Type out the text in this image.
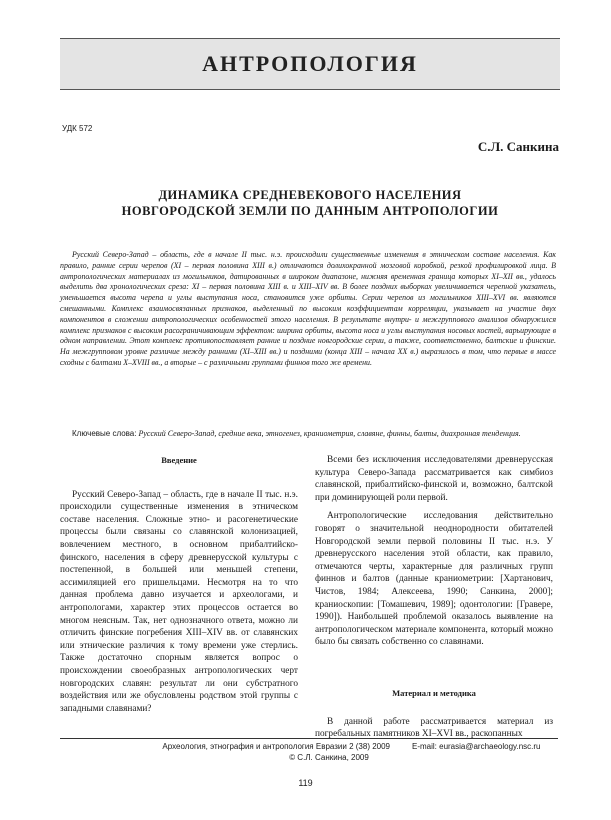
АНТРОПОЛОГИЯ
УДК 572
С.Л. Санкина
ДИНАМИКА СРЕДНЕВЕКОВОГО НАСЕЛЕНИЯ
НОВГОРОДСКОЙ ЗЕМЛИ ПО ДАННЫМ АНТРОПОЛОГИИ

Русский Северо-Запад – область, где в начале II тыс. н.э. происходили существенные изменения в этническом составе населения. Как правило, ранние серии черепов (XI – первая половина XIII в.) отличаются долихокранной мозговой коробкой, резкой профилировкой лица. В антропологических материалах из могильников, датированных в широком диапазоне, нижняя временная граница которых XI–XII вв., удалось выделить два хронологических среза: XI – первая половина XIII в. и XIII–XIV вв. В более поздних выборках увеличивается черепной указатель, уменьшается высота черепа и углы выступания носа, становится уже орбиты. Серии черепов из могильников XIII–XVI вв. являются смешанными. Комплекс взаимосвязанных признаков, выделенный по высоким коэффициентам корреляции, указывает на участие двух компонентов в сложении антропологических особенностей этого населения. В результате внутри- и межгруппового анализов обнаружился комплекс признаков с высоким расограничивающим эффектом: ширина орбиты, высота носа и углы выступания носовых костей, варьирующие в одном направлении. Этот комплекс противопоставляет ранние и поздние новгородские серии, а также, соответственно, балтские и финские. На межгрупповом уровне различие между ранними (XI–XIII вв.) и поздними (конца XIII – начала XX в.) выразилось в том, что первые в массе сходны с балтами X–XVIII вв., а вторые – с различными группами финнов того же времени.

Ключевые слова: Русский Северо-Запад, средние века, этногенез, краниометрия, славяне, финны, балты, диахронная тенденция.

Введение

Русский Северо-Запад – область, где в начале II тыс. н.э. происходили существенные изменения в этническом составе населения. Сложные этно- и расогенетические процессы были связаны со славянской колонизацией, вовлечением местного, в основном прибалтийско-финского, населения в сферу древнерусской культуры с постепенной, в большей или меньшей степени, ассимиляцией его пришельцами. Несмотря на то что данная проблема давно изучается и археологами, и антропологами, характер этих процессов остается во многом неясным. Так, нет однозначного ответа, можно ли отличить финские погребения XIII–XIV вв. от славянских или этнические различия к тому времени уже стерлись. Также достаточно спорным является вопрос о происхождении своеобразных антропологических черт новгородских славян: результат ли они субстратного воздействия или же обусловлены родством этой группы с западными славянами?

Всеми без исключения исследователями древнерусская культура Северо-Запада рассматривается как симбиоз славянской, прибалтийско-финской и, возможно, балтской при доминирующей роли первой.

Антропологические исследования действительно говорят о значительной неоднородности обитателей Новгородской земли первой половины II тыс. н.э. У древнерусского населения этой области, как правило, отмечаются черты, характерные для различных групп финнов и балтов (данные краниометрии: [Хартанович, Чистов, 1984; Алексеева, 1990; Санкина, 2000]; краниоскопии: [Томашевич, 1989]; одонтологии: [Гравере, 1990]). Наибольшей проблемой оказалось выявление на антропологическом материале компонента, который можно было бы связать собственно со славянами.

Материал и методика

В данной работе рассматривается материал из погребальных памятников XI–XVI вв., раскопанных

Археология, этнография и антропология Евразии 2 (38) 2009	E-mail: eurasia@archaeology.nsc.ru
© С.Л. Санкина, 2009
119
